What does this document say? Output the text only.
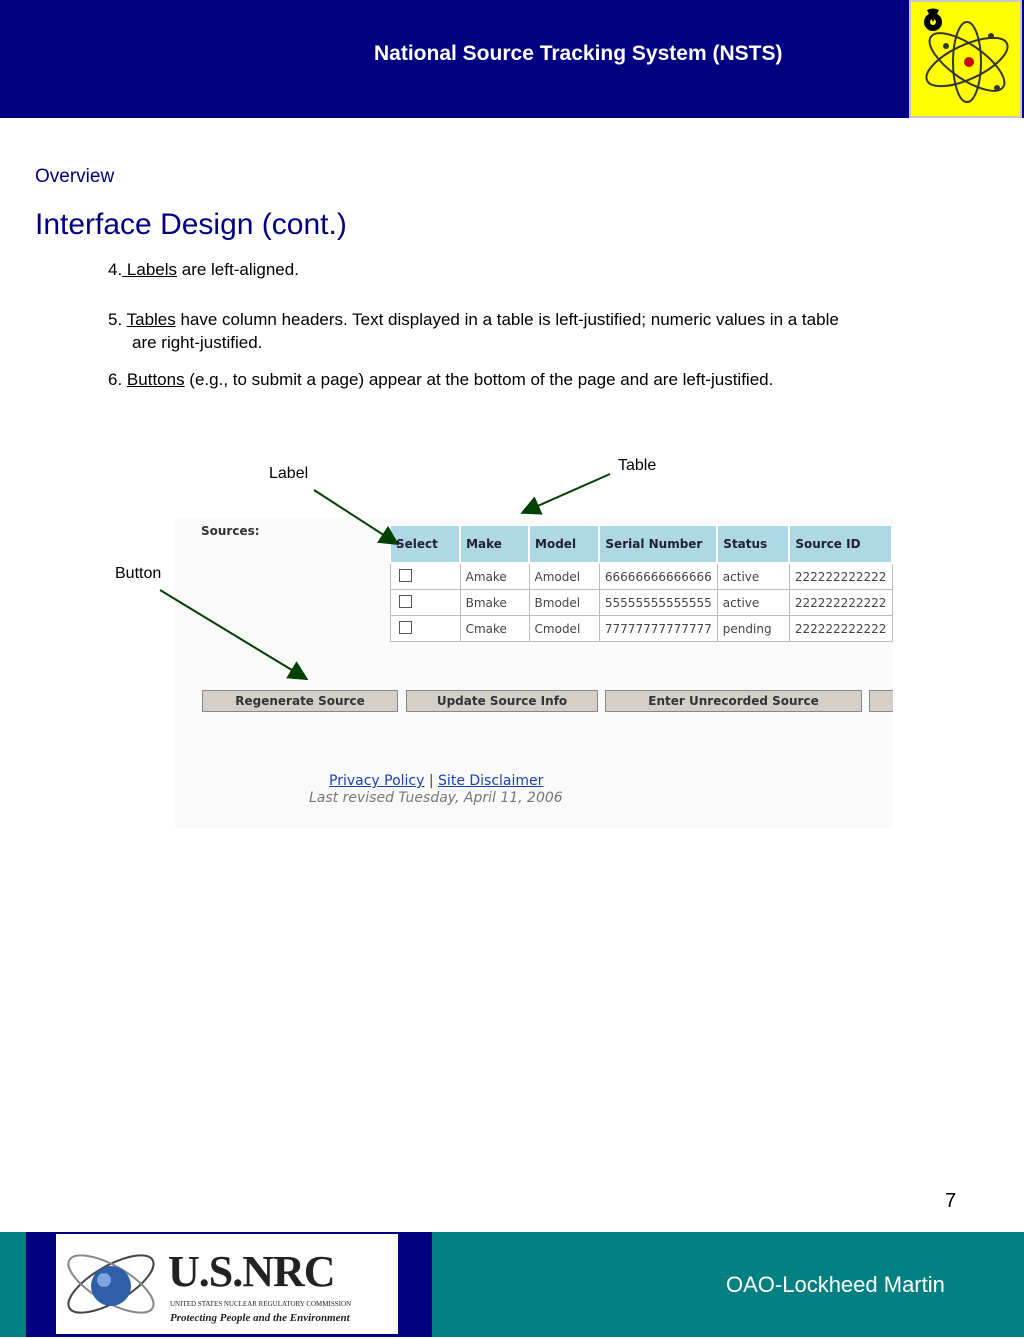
National Source Tracking System (NSTS)
Overview
Interface Design (cont.)
4. Labels are left-aligned.
5. Tables have column headers. Text displayed in a table is left-justified; numeric values in a table
are right-justified.
6. Buttons (e.g., to submit a page) appear at the bottom of the page and are left-justified.
Label	Table
Button
Sources:
Select	Make	Model	Serial Number	Status	Source ID
	Amake	Amodel	66666666666666	active	222222222222
	Bmake	Bmodel	55555555555555	active	222222222222
	Cmake	Cmodel	77777777777777	pending	222222222222
Regenerate Source	Update Source Info	Enter Unrecorded Source
Privacy Policy | Site Disclaimer
Last revised Tuesday, April 11, 2006
7
U.S.NRC
UNITED STATES NUCLEAR REGULATORY COMMISSION
Protecting People and the Environment
OAO-Lockheed Martin
